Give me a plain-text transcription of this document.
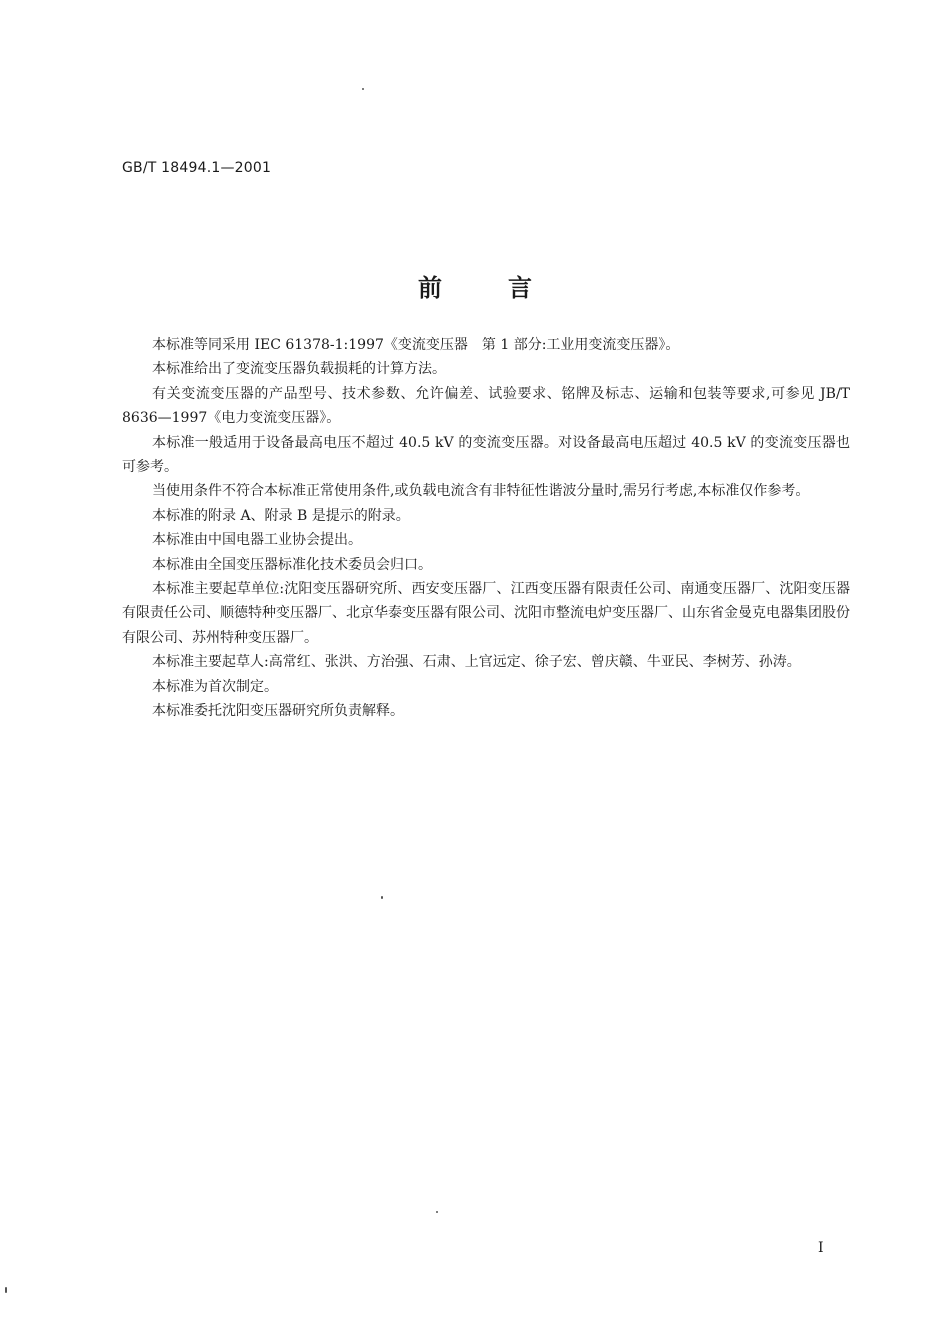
GB/T 18494.1—2001
前言

本标准等同采用 IEC 61378-1:1997《变流变压器　第 1 部分:工业用变流变压器》。

本标准给出了变流变压器负载损耗的计算方法。

有关变流变压器的产品型号、技术参数、允许偏差、试验要求、铭牌及标志、运输和包装等要求,可参见 JB/T 8636—1997《电力变流变压器》。

本标准一般适用于设备最高电压不超过 40.5 kV 的变流变压器。对设备最高电压超过 40.5 kV 的变流变压器也可参考。

当使用条件不符合本标准正常使用条件,或负载电流含有非特征性谐波分量时,需另行考虑,本标准仅作参考。

本标准的附录 A、附录 B 是提示的附录。

本标准由中国电器工业协会提出。

本标准由全国变压器标准化技术委员会归口。

本标准主要起草单位:沈阳变压器研究所、西安变压器厂、江西变压器有限责任公司、南通变压器厂、沈阳变压器有限责任公司、顺德特种变压器厂、北京华泰变压器有限公司、沈阳市整流电炉变压器厂、山东省金曼克电器集团股份有限公司、苏州特种变压器厂。

本标准主要起草人:高常红、张洪、方治强、石肃、上官远定、徐子宏、曾庆赣、牛亚民、李树芳、孙涛。

本标准为首次制定。

本标准委托沈阳变压器研究所负责解释。

I
